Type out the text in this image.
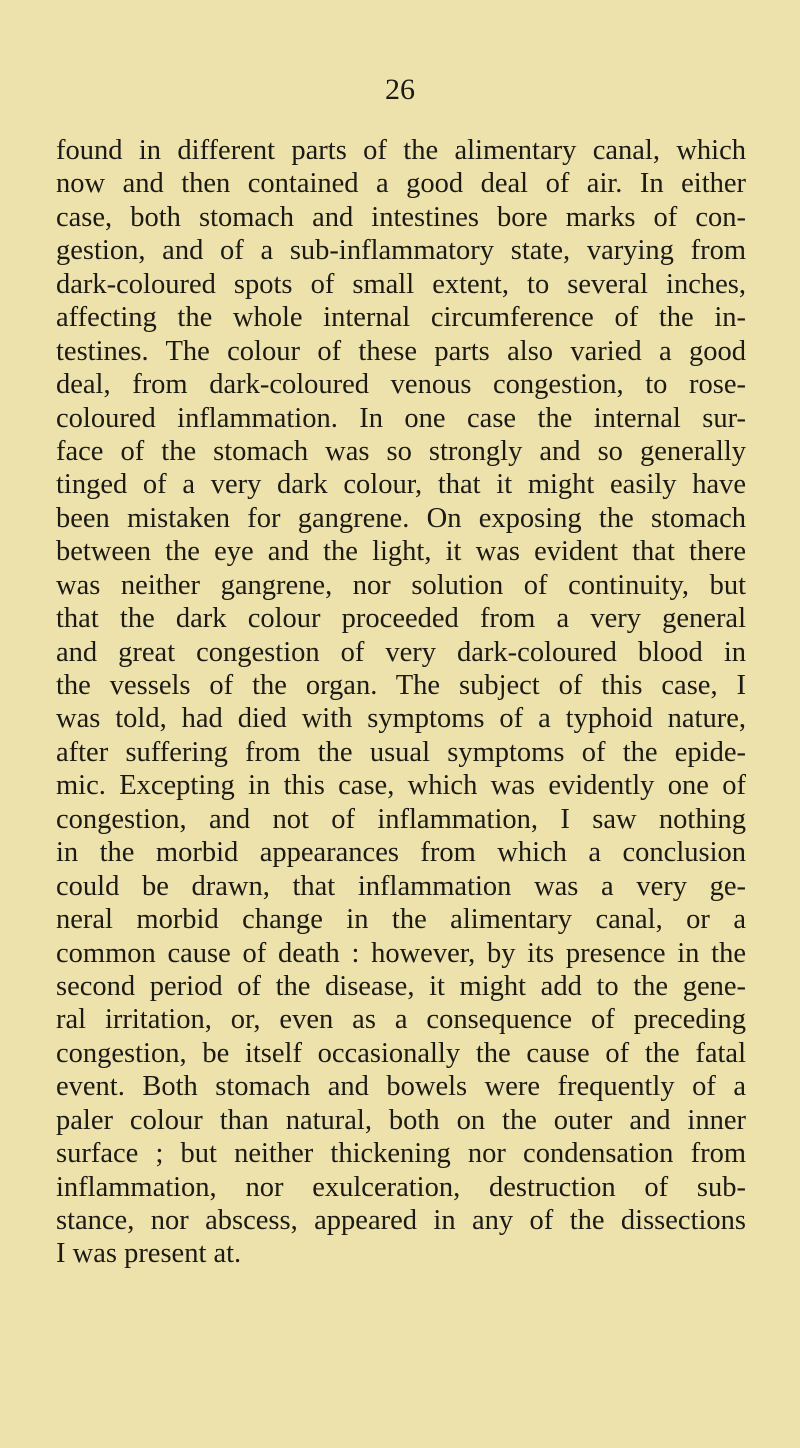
26
found in different parts of the alimentary canal, which
now and then contained a good deal of air. In either
case, both stomach and intestines bore marks of con-
gestion, and of a sub-inflammatory state, varying from
dark-coloured spots of small extent, to several inches,
affecting the whole internal circumference of the in-
testines. The colour of these parts also varied a good
deal, from dark-coloured venous congestion, to rose-
coloured inflammation. In one case the internal sur-
face of the stomach was so strongly and so generally
tinged of a very dark colour, that it might easily have
been mistaken for gangrene. On exposing the stomach
between the eye and the light, it was evident that there
was neither gangrene, nor solution of continuity, but
that the dark colour proceeded from a very general
and great congestion of very dark-coloured blood in
the vessels of the organ. The subject of this case, I
was told, had died with symptoms of a typhoid nature,
after suffering from the usual symptoms of the epide-
mic. Excepting in this case, which was evidently one of
congestion, and not of inflammation, I saw nothing
in the morbid appearances from which a conclusion
could be drawn, that inflammation was a very ge-
neral morbid change in the alimentary canal, or a
common cause of death : however, by its presence in the
second period of the disease, it might add to the gene-
ral irritation, or, even as a consequence of preceding
congestion, be itself occasionally the cause of the fatal
event. Both stomach and bowels were frequently of a
paler colour than natural, both on the outer and inner
surface ; but neither thickening nor condensation from
inflammation, nor exulceration, destruction of sub-
stance, nor abscess, appeared in any of the dissections
I was present at.
